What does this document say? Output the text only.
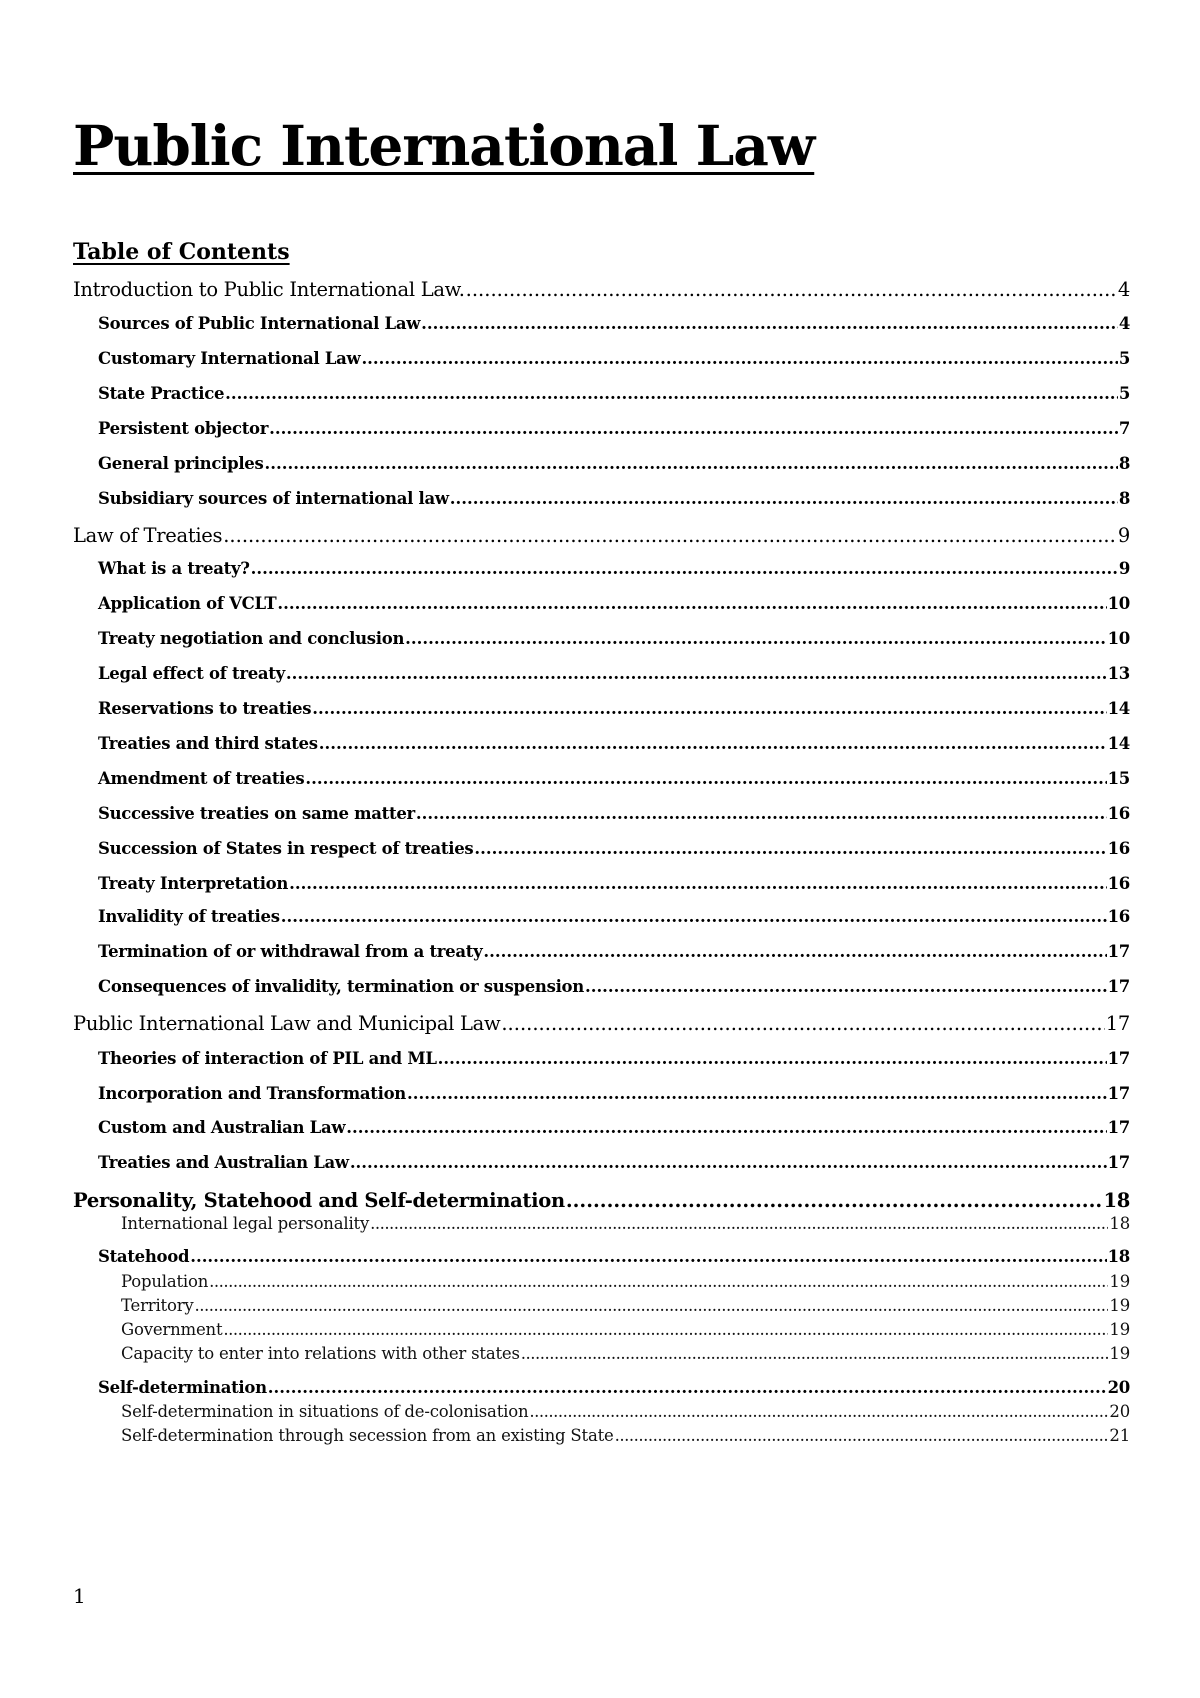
Public International Law
Table of Contents
Introduction to Public International Law. .....	4
Sources of Public International Law .....	4
Customary International Law .....	5
State Practice .....	5
Persistent objector .....	7
General principles .....	8
Subsidiary sources of international law .....	8
Law of Treaties .....	9
What is a treaty? .....	9
Application of VCLT .....	10
Treaty negotiation and conclusion .....	10
Legal effect of treaty .....	13
Reservations to treaties .....	14
Treaties and third states .....	14
Amendment of treaties .....	15
Successive treaties on same matter .....	16
Succession of States in respect of treaties .....	16
Treaty Interpretation .....	16
Invalidity of treaties .....	16
Termination of or withdrawal from a treaty .....	17
Consequences of invalidity, termination or suspension .....	17
Public International Law and Municipal Law .....	17
Theories of interaction of PIL and ML .....	17
Incorporation and Transformation .....	17
Custom and Australian Law .....	17
Treaties and Australian Law .....	17
Personality, Statehood and Self-determination .....	18
International legal personality .....	18
Statehood .....	18
Population .....	19
Territory .....	19
Government .....	19
Capacity to enter into relations with other states .....	19
Self-determination .....	20
Self-determination in situations of de-colonisation .....	20
Self-determination through secession from an existing State .....	21

1
